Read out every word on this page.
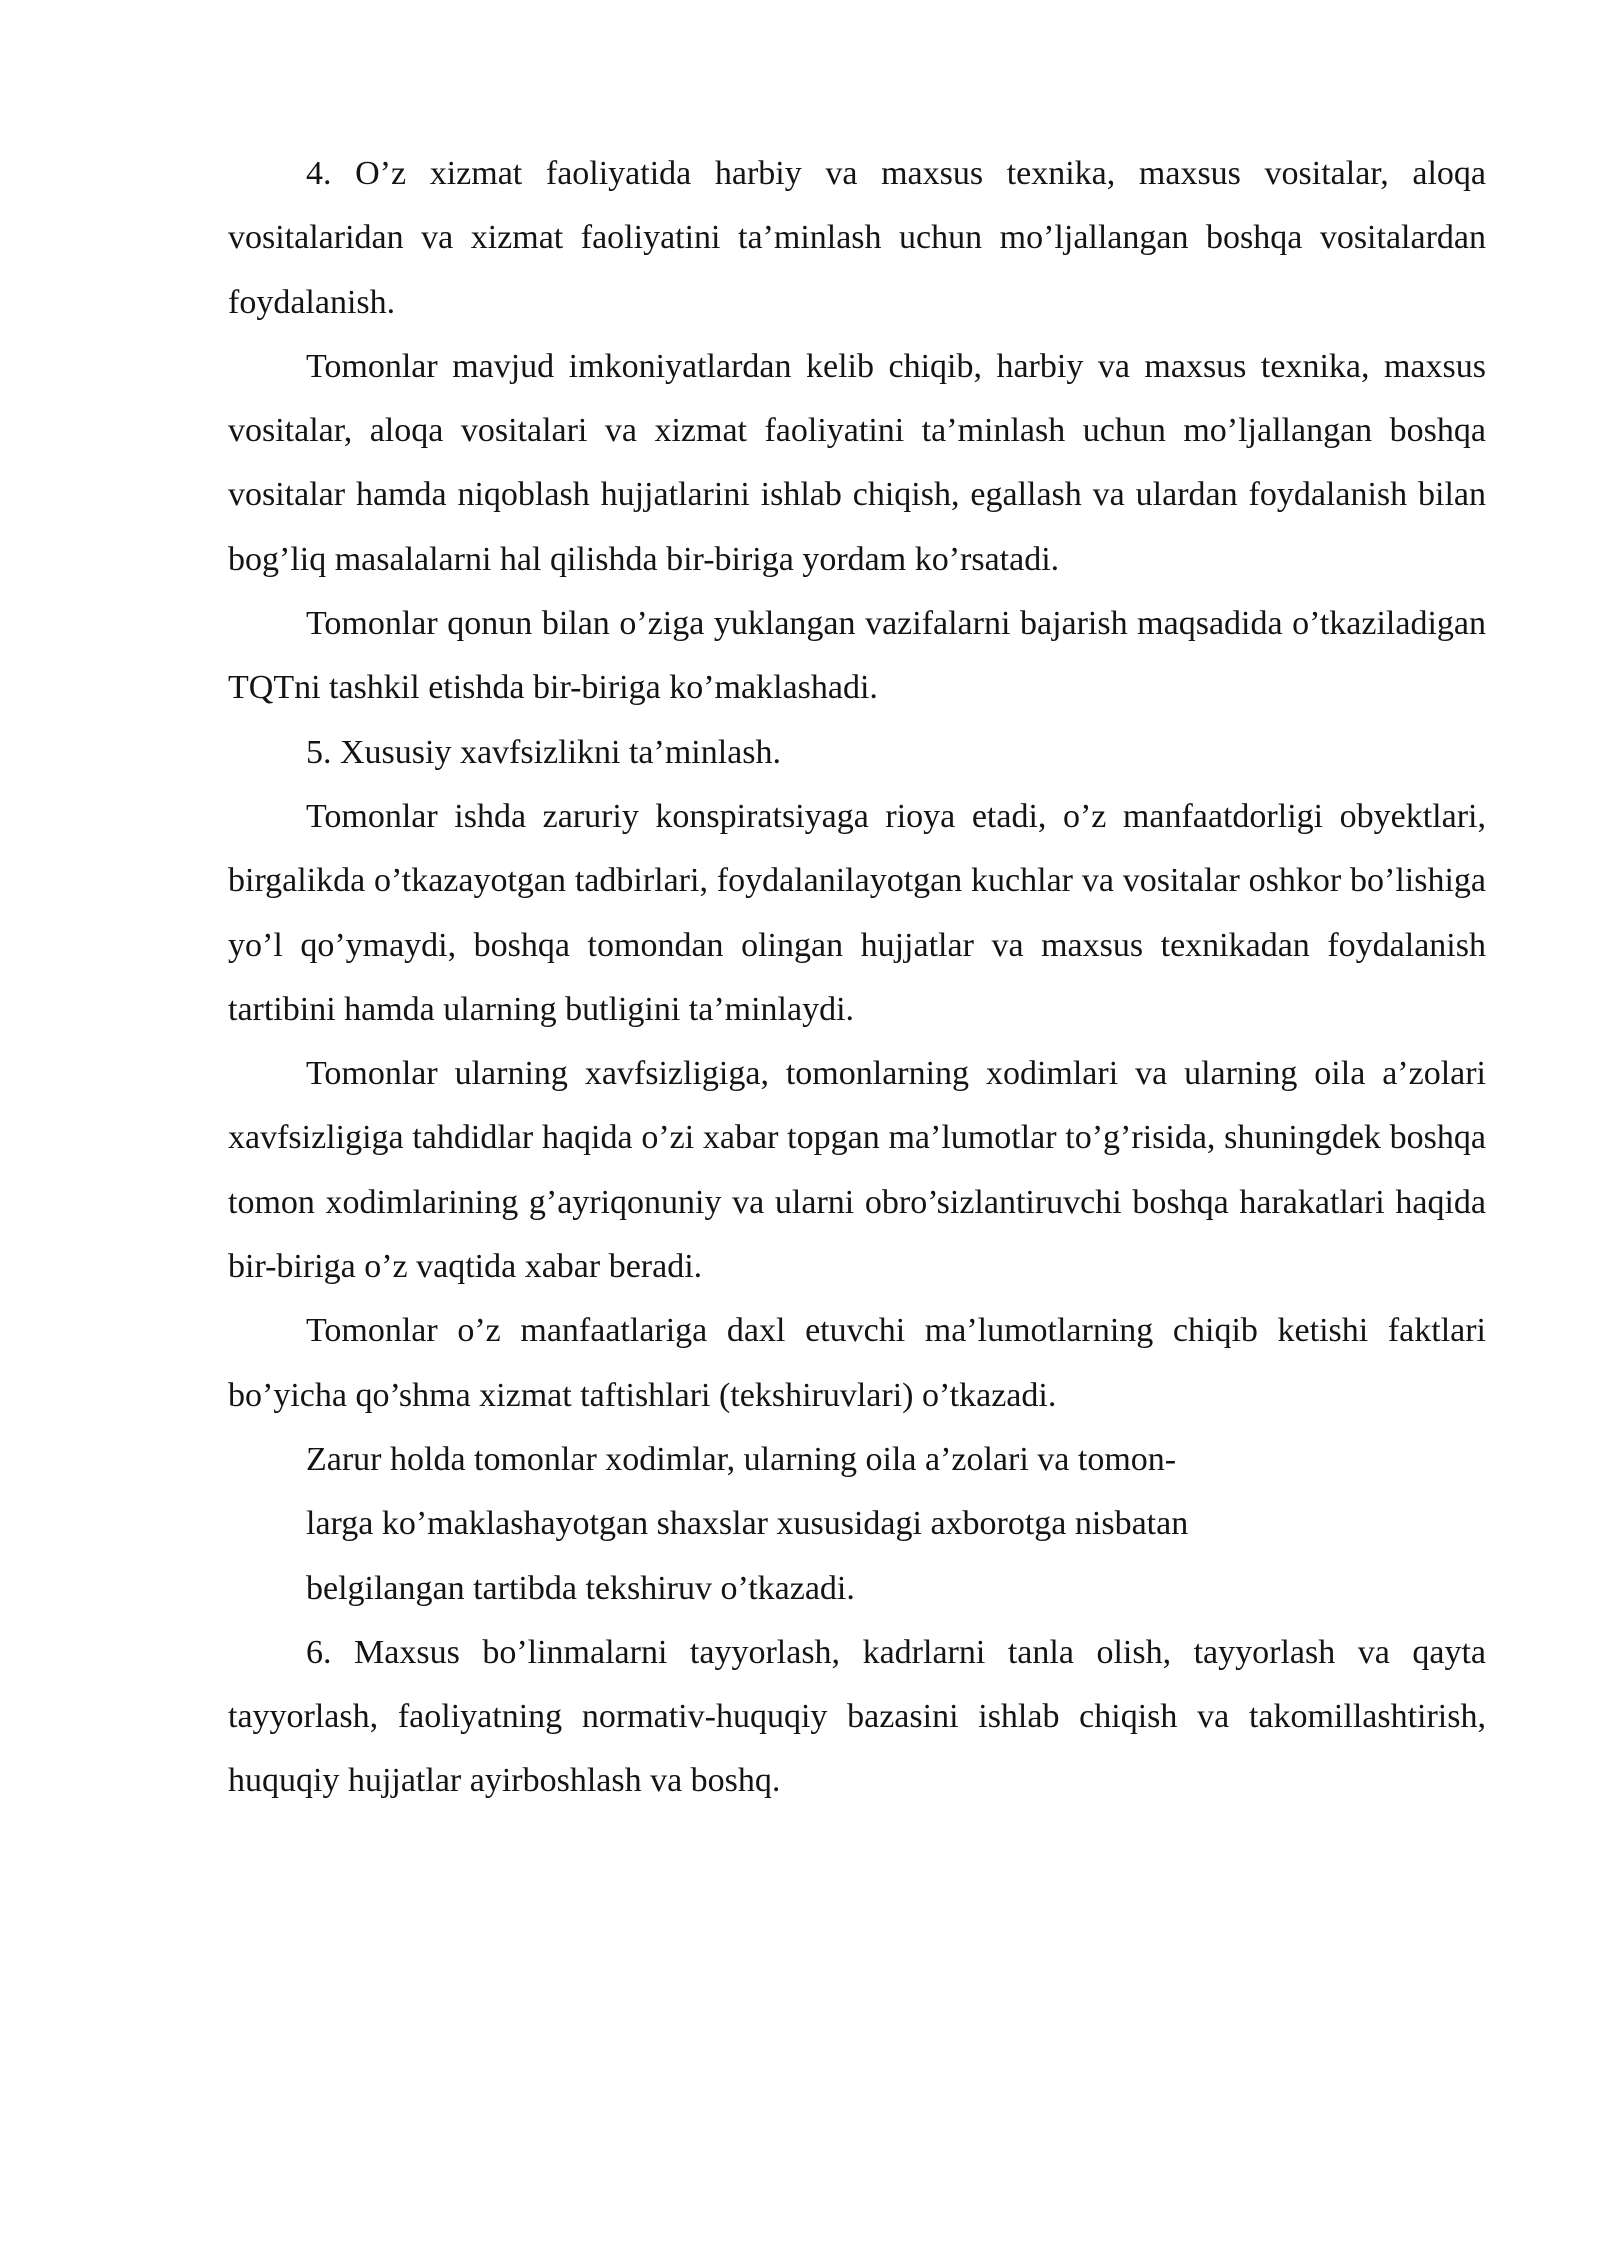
4. O’z xizmat faoliyatida harbiy va maxsus texnika, maxsus vositalar, aloqa vositalaridan va xizmat faoliyatini ta’minlash uchun mo’ljallangan boshqa vositalardan foydalanish.

Tomonlar mavjud imkoniyatlardan kelib chiqib, harbiy va maxsus texnika, maxsus vositalar, aloqa vositalari va xizmat faoliyatini ta’minlash uchun mo’ljallangan boshqa vositalar hamda niqoblash hujjatlarini ishlab chiqish, egallash va ulardan foydalanish bilan bog’liq masalalarni hal qilishda bir-biriga yordam ko’rsatadi.

Tomonlar qonun bilan o’ziga yuklangan vazifalarni bajarish maqsadida o’tkaziladigan TQTni tashkil etishda bir-biriga ko’maklashadi.

5. Xususiy xavfsizlikni ta’minlash.

Tomonlar ishda zaruriy konspiratsiyaga rioya etadi, o’z manfaatdorligi obyektlari, birgalikda o’tkazayotgan tadbirlari, foydalanilayotgan kuchlar va vositalar oshkor bo’lishiga yo’l qo’ymaydi, boshqa tomondan olingan hujjatlar va maxsus texnikadan foydalanish tartibini hamda ularning butligini ta’minlaydi.

Tomonlar ularning xavfsizligiga, tomonlarning xodimlari va ularning oila a’zolari xavfsizligiga tahdidlar haqida o’zi xabar topgan ma’lumotlar to’g’risida, shuningdek boshqa tomon xodimlarining g’ayriqonuniy va ularni obro’sizlantiruvchi boshqa harakatlari haqida bir-biriga o’z vaqtida xabar beradi.

Tomonlar o’z manfaatlariga daxl etuvchi ma’lumotlarning chiqib ketishi faktlari bo’yicha qo’shma xizmat taftishlari (tekshiruvlari) o’tkazadi.

Zarur holda tomonlar xodimlar, ularning oila a’zolari va tomon-
larga ko’maklashayotgan shaxslar xususidagi axborotga nisbatan
belgilangan tartibda tekshiruv o’tkazadi.

6. Maxsus bo’linmalarni tayyorlash, kadrlarni tanla olish, tayyorlash va qayta tayyorlash, faoliyatning normativ-huquqiy bazasini ishlab chiqish va takomillashtirish, huquqiy hujjatlar ayirboshlash va boshq.
